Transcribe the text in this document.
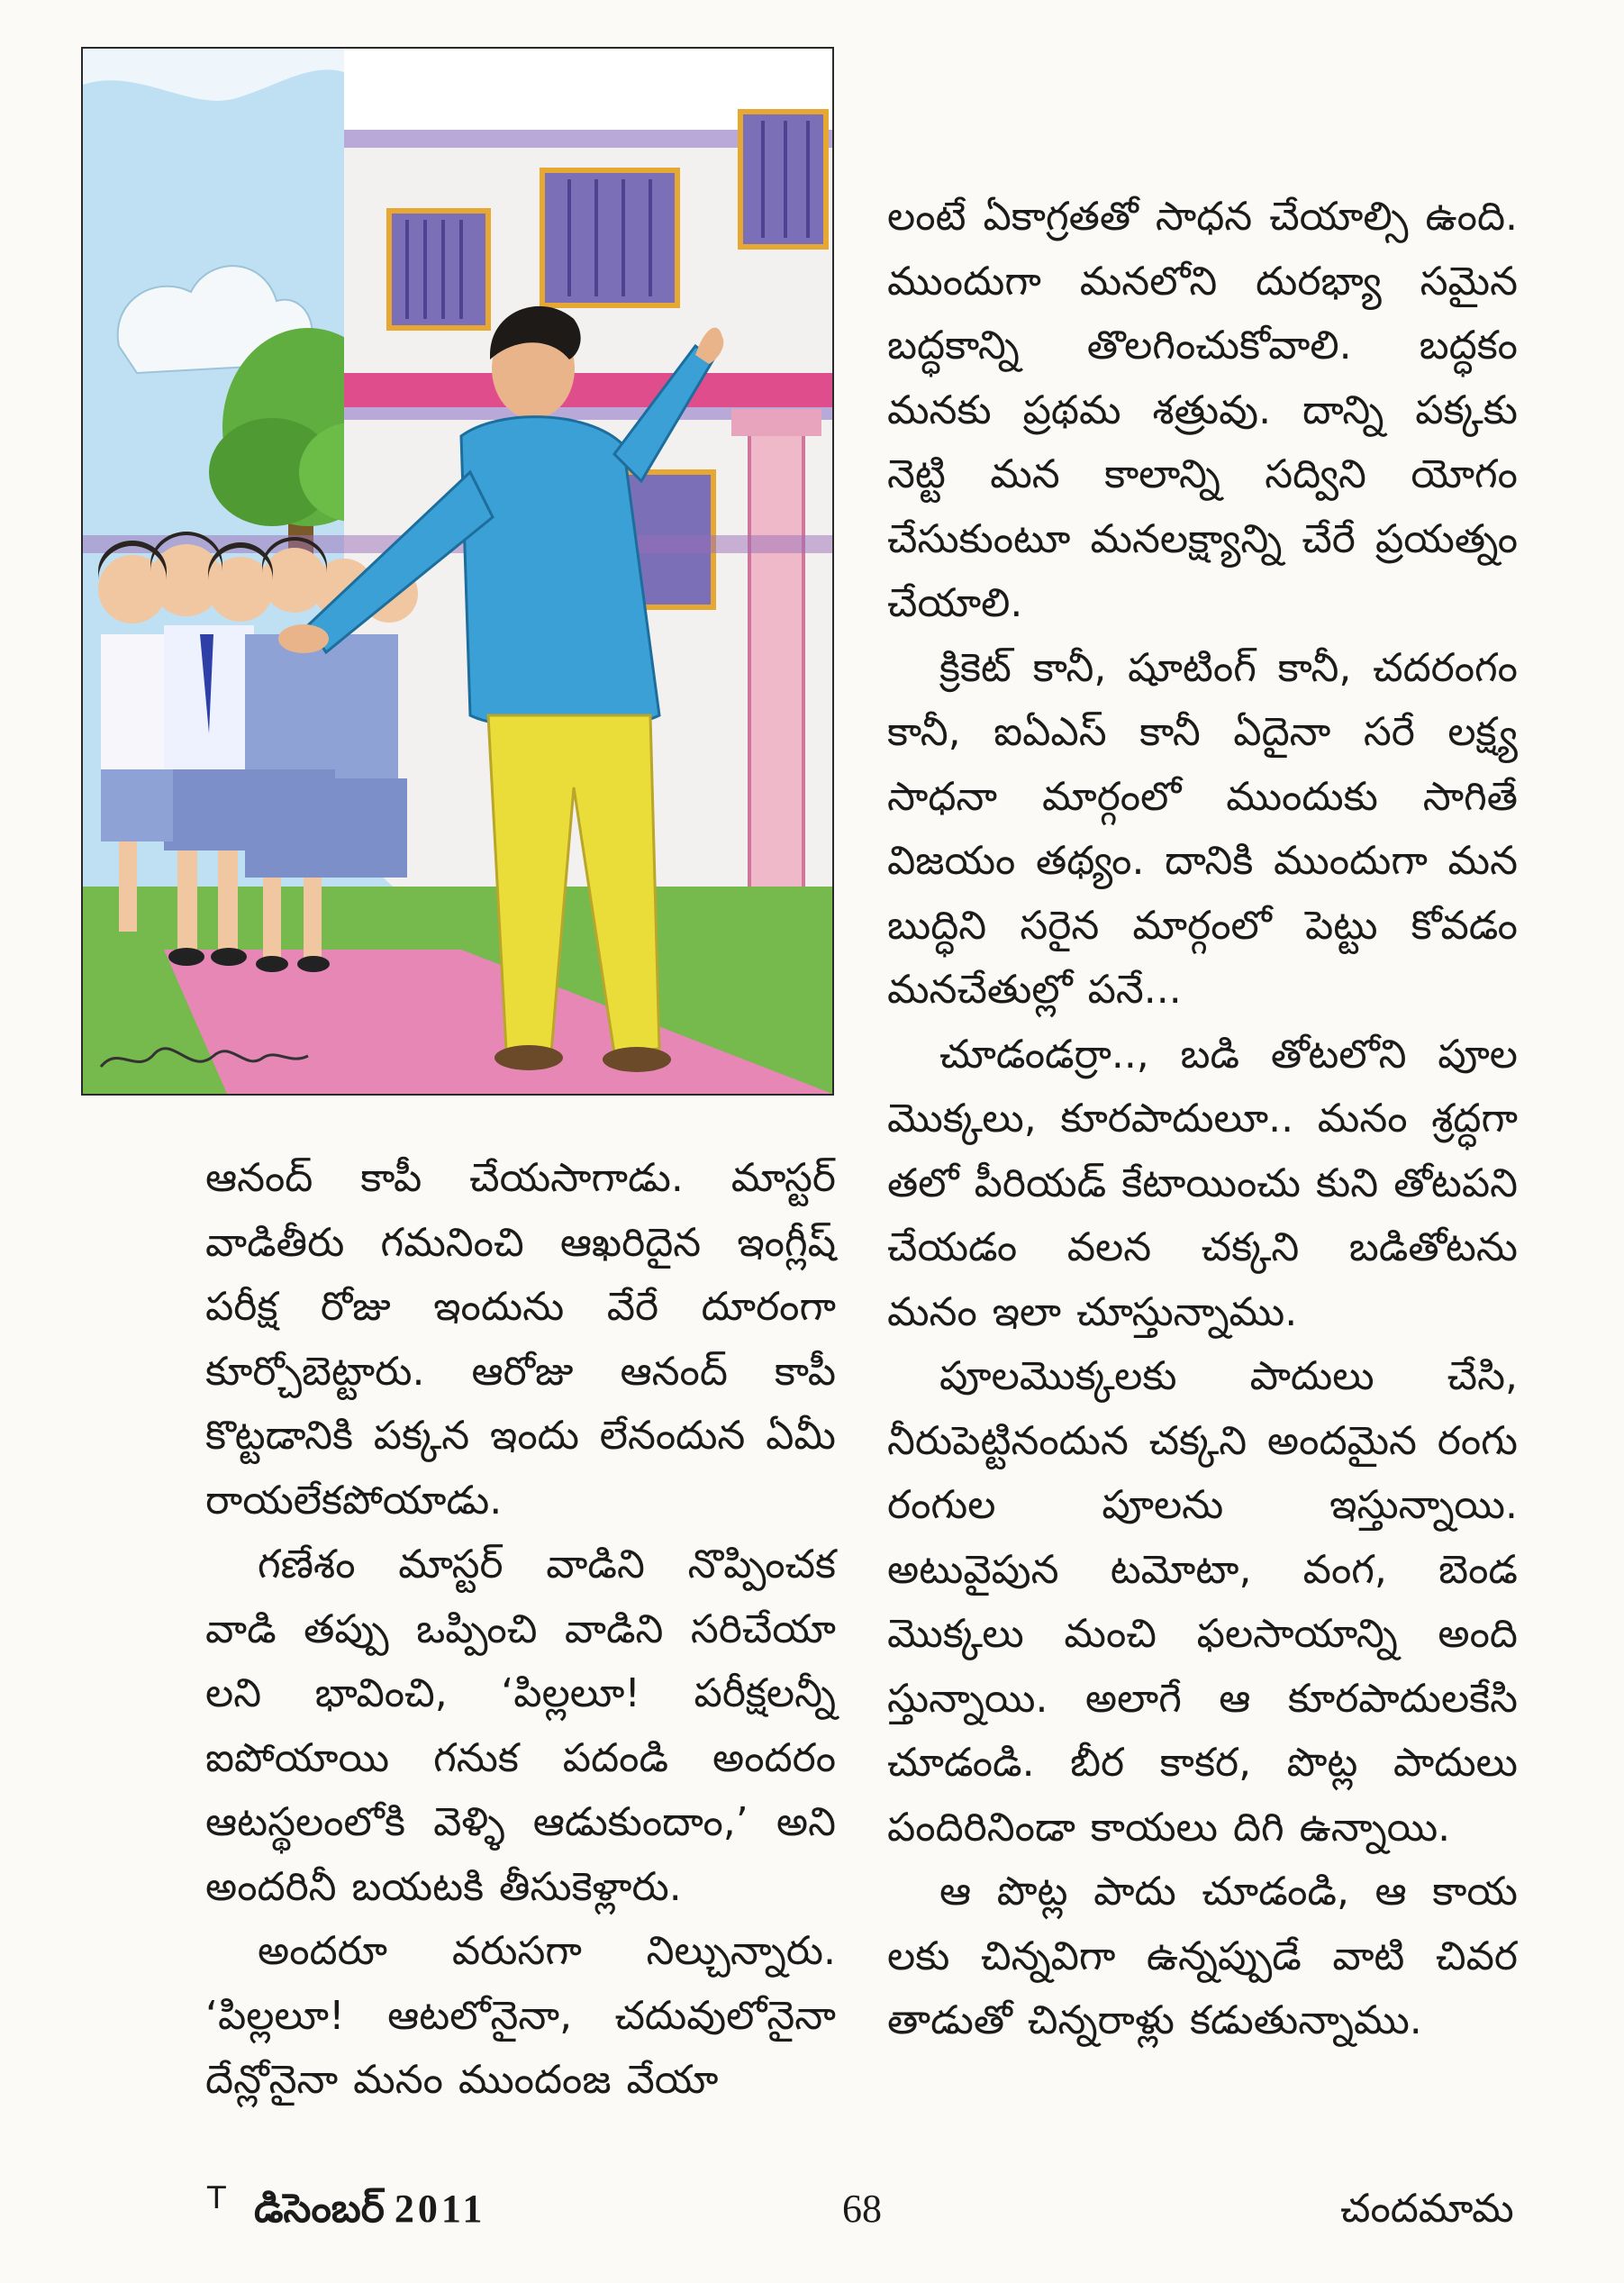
ఆనంద్ కాపీ చేయసాగాడు. మాస్టర్ వాడితీరు గమనించి ఆఖరిదైన ఇంగ్లీష్ పరీక్ష రోజు ఇందును వేరే దూరంగా కూర్చోబెట్టారు. ఆరోజు ఆనంద్ కాపీ కొట్టడానికి పక్కన ఇందు లేనందున ఏమీ రాయలేకపోయాడు.

గణేశం మాస్టర్ వాడిని నొప్పించక వాడి తప్పు ఒప్పించి వాడిని సరిచేయా లని భావించి, ‘పిల్లలూ! పరీక్షలన్నీ ఐపోయాయి గనుక పదండి అందరం ఆటస్థలంలోకి వెళ్ళి ఆడుకుందాం,’ అని అందరినీ బయటకి తీసుకెళ్లారు.

అందరూ వరుసగా నిల్చున్నారు. ‘పిల్లలూ! ఆటలోనైనా, చదువులోనైనా దేన్లోనైనా మనం ముందంజ వేయా

లంటే ఏకాగ్రతతో సాధన చేయాల్సి ఉంది. ముందుగా మనలోని దురభ్యా సమైన బద్ధకాన్ని తొలగించుకోవాలి. బద్ధకం మనకు ప్రథమ శత్రువు. దాన్ని పక్కకు నెట్టి మన కాలాన్ని సద్విని యోగం చేసుకుంటూ మనలక్ష్యాన్ని చేరే ప్రయత్నం చేయాలి.

క్రికెట్ కానీ, షూటింగ్ కానీ, చదరంగం కానీ, ఐఏఎస్ కానీ ఏదైనా సరే లక్ష్య సాధనా మార్గంలో ముందుకు సాగితే విజయం తథ్యం. దానికి ముందుగా మన బుద్ధిని సరైన మార్గంలో పెట్టు కోవడం మనచేతుల్లో పనే...

చూడండర్రా.., బడి తోటలోని పూల మొక్కలు, కూరపాదులూ.. మనం శ్రద్ధగా తలో పీరియడ్ కేటాయించు కుని తోటపని చేయడం వలన చక్కని బడితోటను మనం ఇలా చూస్తున్నాము.

పూలమొక్కలకు పాదులు చేసి, నీరుపెట్టినందున చక్కని అందమైన రంగు రంగుల పూలను ఇస్తున్నాయి. అటువైపున టమోటా, వంగ, బెండ మొక్కలు మంచి ఫలసాయాన్ని అంది స్తున్నాయి. అలాగే ఆ కూరపాదులకేసి చూడండి. బీర కాకర, పొట్ల పాదులు పందిరినిండా కాయలు దిగి ఉన్నాయి.

ఆ పొట్ల పాదు చూడండి, ఆ కాయ లకు చిన్నవిగా ఉన్నప్పుడే వాటి చివర తాడుతో చిన్నరాళ్లు కడుతున్నాము.

T డిసెంబర్ 2011	68	చందమామ
